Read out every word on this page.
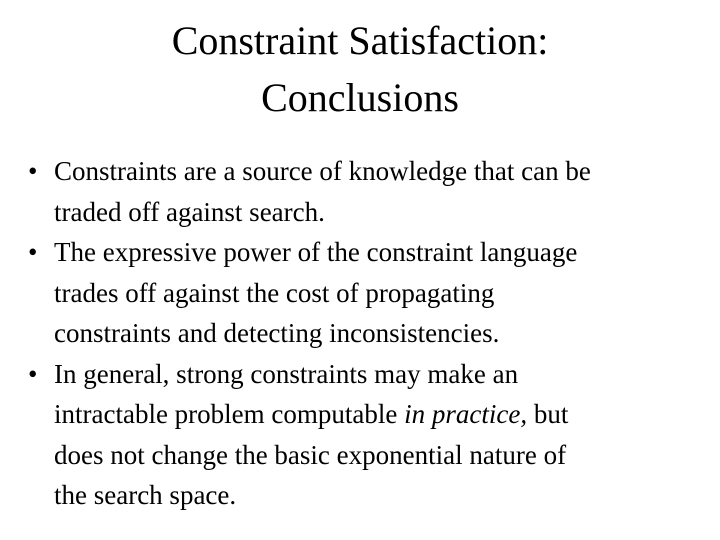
Constraint Satisfaction:
Conclusions
• Constraints are a source of knowledge that can be
traded off against search.
• The expressive power of the constraint language
trades off against the cost of propagating
constraints and detecting inconsistencies.
• In general, strong constraints may make an
intractable problem computable in practice, but
does not change the basic exponential nature of
the search space.
